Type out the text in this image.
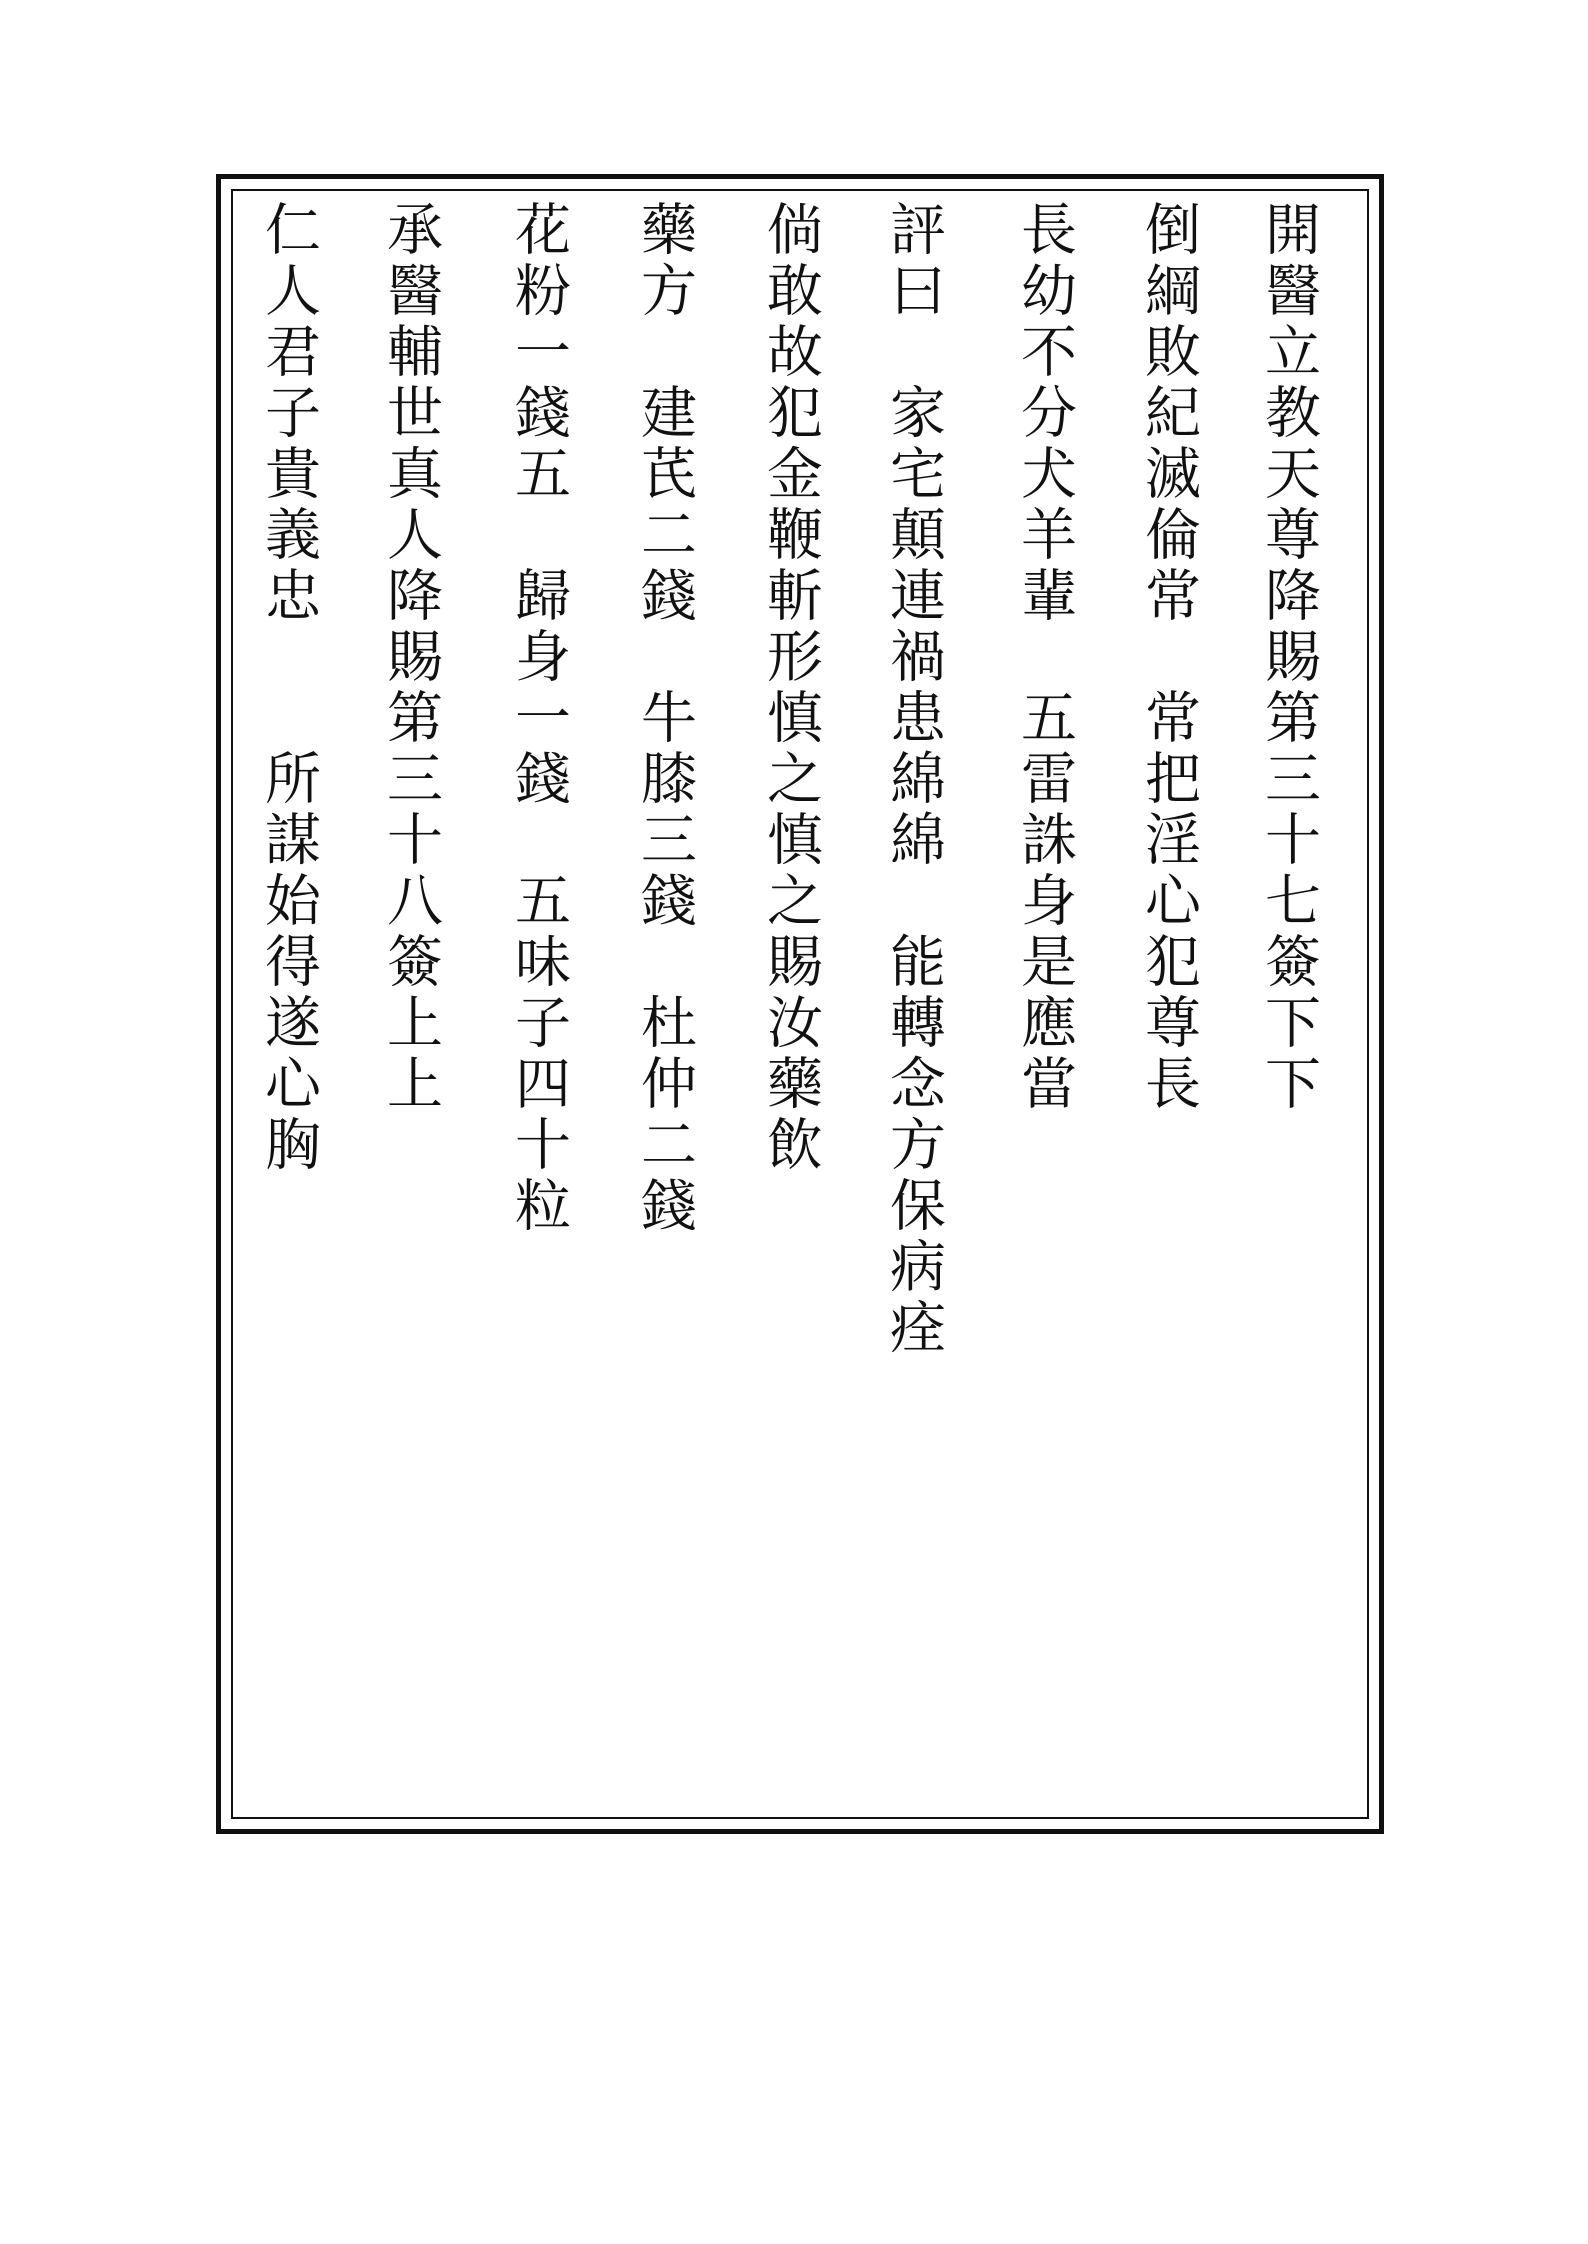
開醫立教天尊降賜第三十七簽下下
倒綱敗紀滅倫常　常把淫心犯尊長
長幼不分犬羊輩　五雷誅身是應當
評曰　家宅顛連禍患綿綿　能轉念方保病痊
倘敢故犯金鞭斬形慎之慎之賜汝藥飲
藥方　建芪二錢　牛膝三錢　杜仲二錢
花粉一錢五　歸身一錢　五味子四十粒
承醫輔世真人降賜第三十八簽上上
仁人君子貴義忠　　所謀始得遂心胸
